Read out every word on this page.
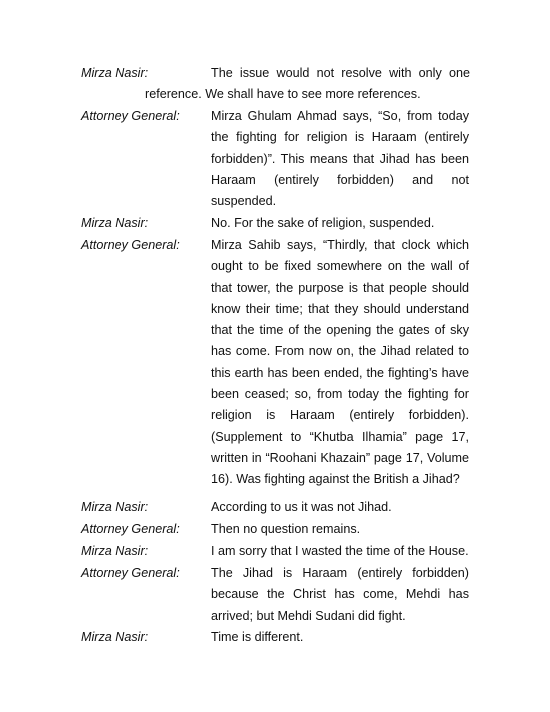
Mirza Nasir:	The issue would not resolve with only one reference. We shall have to see more references.
Attorney General: Mirza Ghulam Ahmad says, “So, from today the fighting for religion is Haraam (entirely forbidden)”. This means that Jihad has been Haraam (entirely forbidden) and not suspended.
Mirza Nasir:	No. For the sake of religion, suspended.
Attorney General: Mirza Sahib says, “Thirdly, that clock which ought to be fixed somewhere on the wall of that tower, the purpose is that people should know their time; that they should understand that the time of the opening the gates of sky has come. From now on, the Jihad related to this earth has been ended, the fighting’s have been ceased; so, from today the fighting for religion is Haraam (entirely forbidden). (Supplement to “Khutba Ilhamia” page 17, written in “Roohani Khazain” page 17, Volume 16). Was fighting against the British a Jihad?
Mirza Nasir:	According to us it was not Jihad.
Attorney General: Then no question remains.
Mirza Nasir:	I am sorry that I wasted the time of the House.
Attorney General: The Jihad is Haraam (entirely forbidden) because the Christ has come, Mehdi has arrived; but Mehdi Sudani did fight.
Mirza Nasir:	Time is different.
